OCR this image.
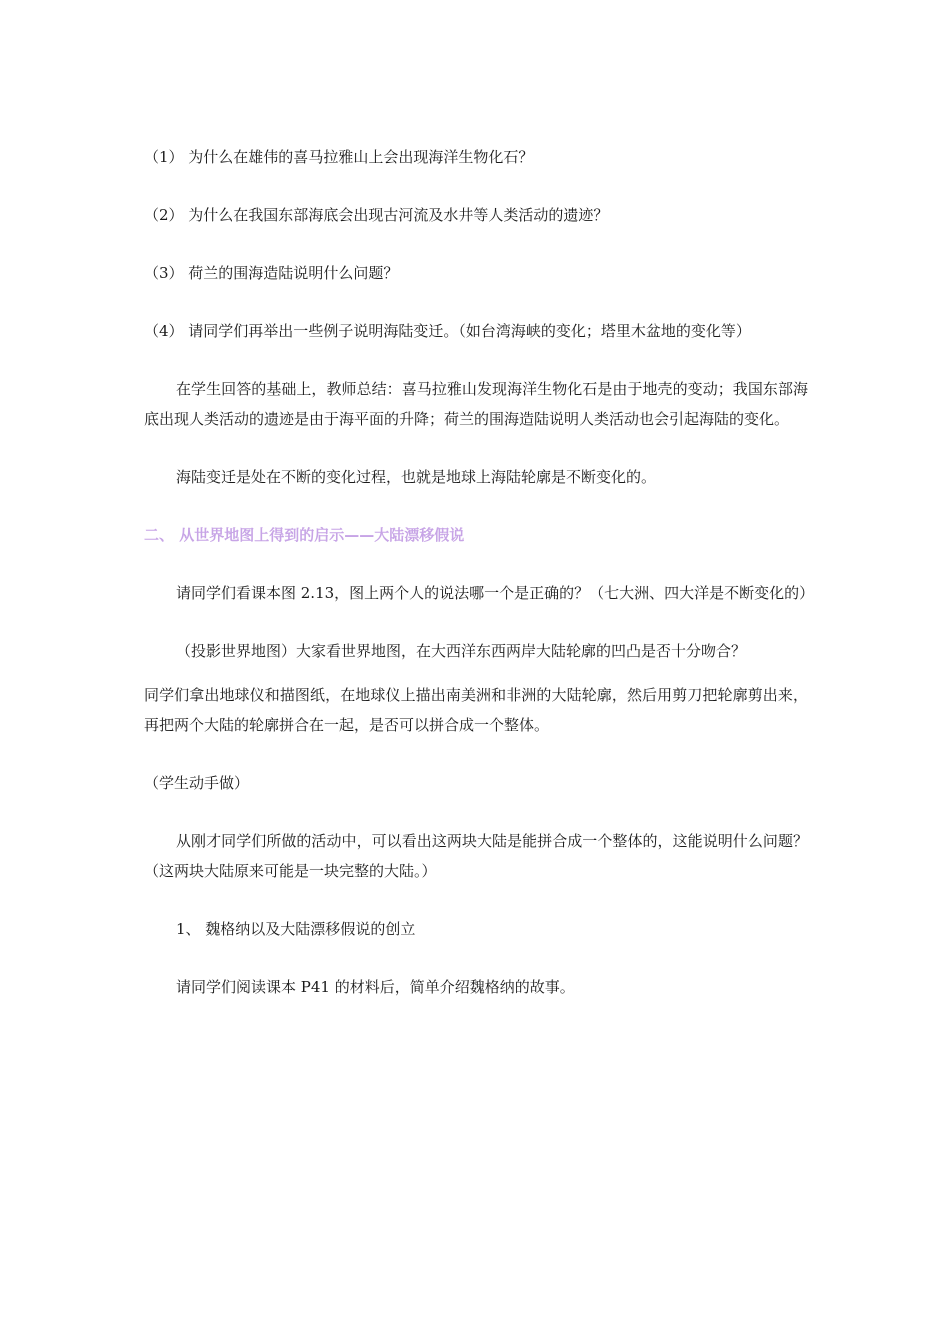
（1） 为什么在雄伟的喜马拉雅山上会出现海洋生物化石？

（2） 为什么在我国东部海底会出现古河流及水井等人类活动的遗迹？

（3） 荷兰的围海造陆说明什么问题？

（4） 请同学们再举出一些例子说明海陆变迁。（如台湾海峡的变化；塔里木盆地的变化等）

在学生回答的基础上，教师总结：喜马拉雅山发现海洋生物化石是由于地壳的变动；我国东部海底出现人类活动的遗迹是由于海平面的升降；荷兰的围海造陆说明人类活动也会引起海陆的变化。

海陆变迁是处在不断的变化过程，也就是地球上海陆轮廓是不断变化的。

二、 从世界地图上得到的启示——大陆漂移假说

请同学们看课本图 2.13，图上两个人的说法哪一个是正确的？（七大洲、四大洋是不断变化的）

（投影世界地图）大家看世界地图，在大西洋东西两岸大陆轮廓的凹凸是否十分吻合？

同学们拿出地球仪和描图纸，在地球仪上描出南美洲和非洲的大陆轮廓，然后用剪刀把轮廓剪出来，再把两个大陆的轮廓拼合在一起，是否可以拼合成一个整体。

（学生动手做）

从刚才同学们所做的活动中，可以看出这两块大陆是能拼合成一个整体的，这能说明什么问题？（这两块大陆原来可能是一块完整的大陆。）

1、 魏格纳以及大陆漂移假说的创立

请同学们阅读课本 P41 的材料后，简单介绍魏格纳的故事。
